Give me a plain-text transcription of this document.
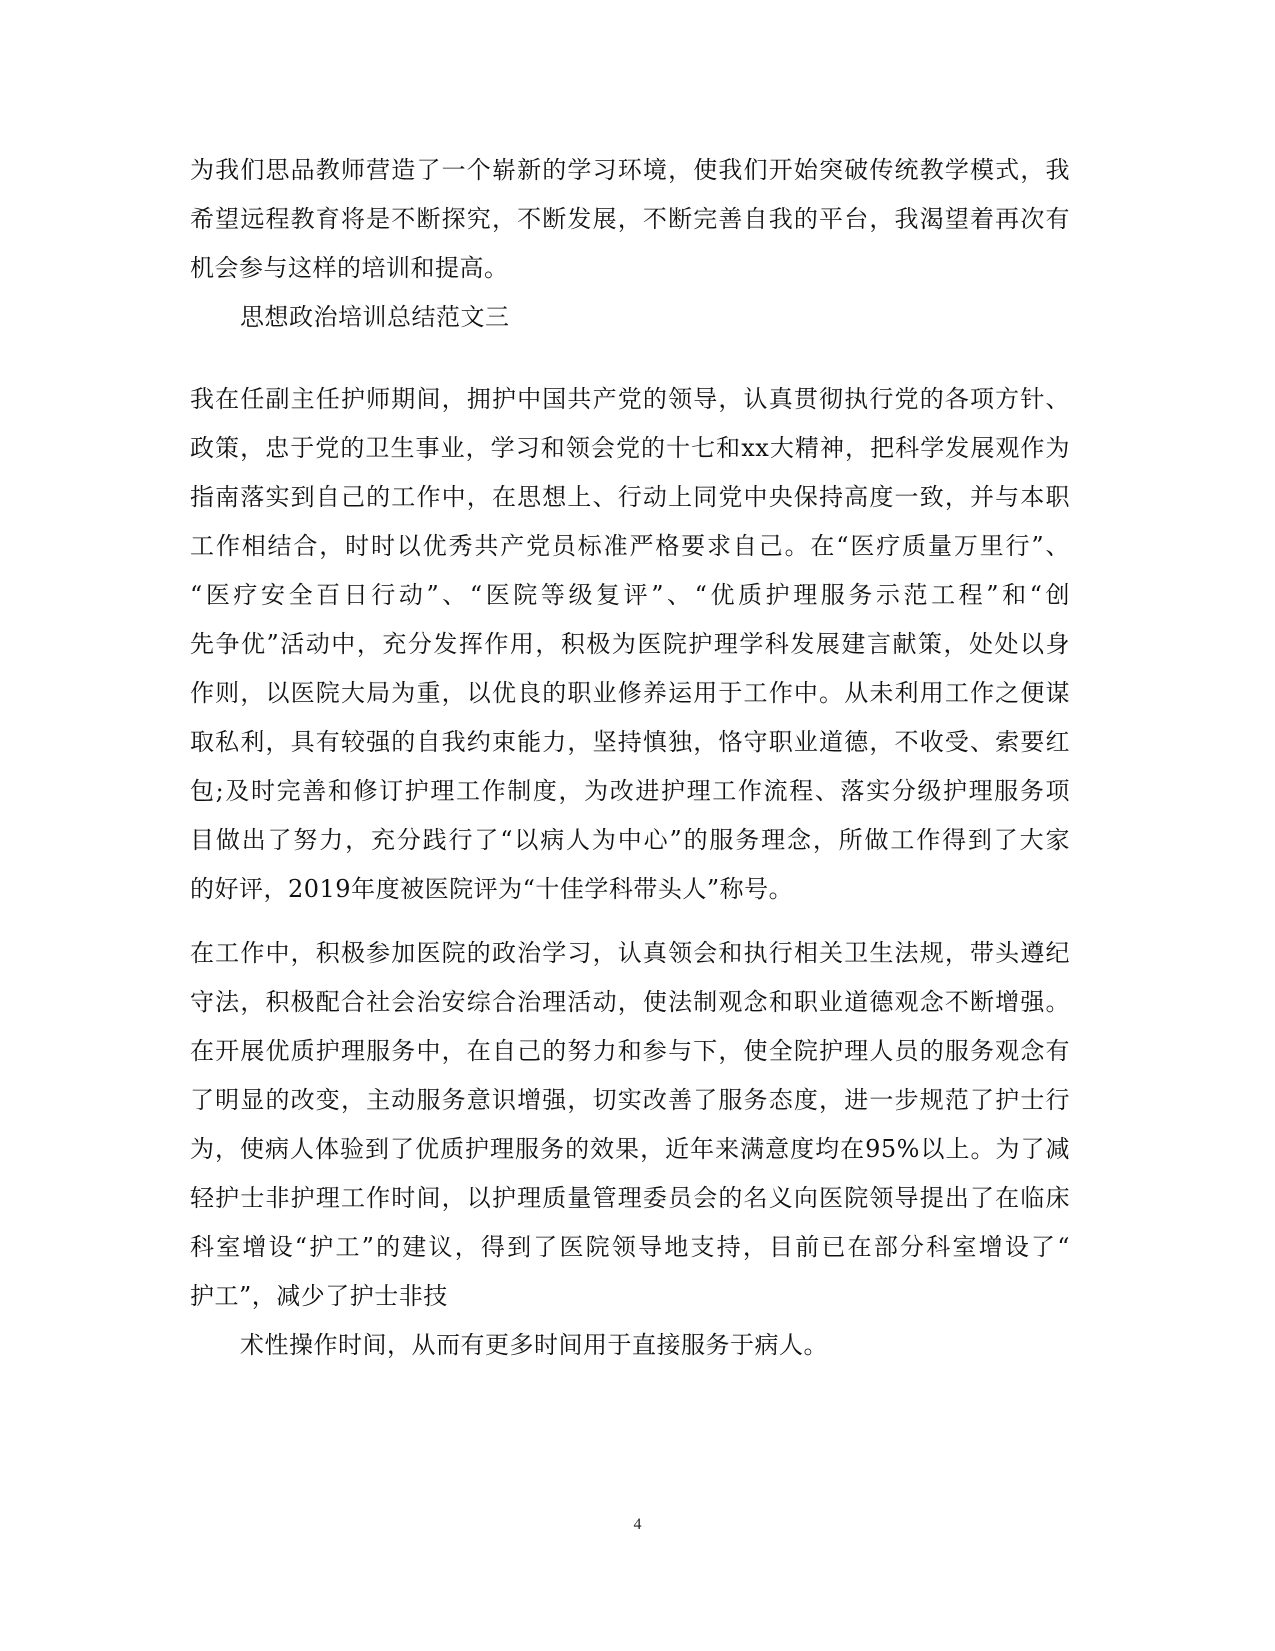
为我们思品教师营造了一个崭新的学习环境，使我们开始突破传统教学模式，我
希望远程教育将是不断探究，不断发展，不断完善自我的平台，我渴望着再次有
机会参与这样的培训和提高。
思想政治培训总结范文三
我在任副主任护师期间，拥护中国共产党的领导，认真贯彻执行党的各项方针、
政策，忠于党的卫生事业，学习和领会党的十七和xx大精神，把科学发展观作为
指南落实到自己的工作中，在思想上、行动上同党中央保持高度一致，并与本职
工作相结合，时时以优秀共产党员标准严格要求自己。在“医疗质量万里行”、
“医疗安全百日行动”、“医院等级复评”、“优质护理服务示范工程”和“创
先争优”活动中，充分发挥作用，积极为医院护理学科发展建言献策，处处以身
作则，以医院大局为重，以优良的职业修养运用于工作中。从未利用工作之便谋
取私利，具有较强的自我约束能力，坚持慎独，恪守职业道德，不收受、索要红
包;及时完善和修订护理工作制度，为改进护理工作流程、落实分级护理服务项
目做出了努力，充分践行了“以病人为中心”的服务理念，所做工作得到了大家
的好评，2019年度被医院评为“十佳学科带头人”称号。
在工作中，积极参加医院的政治学习，认真领会和执行相关卫生法规，带头遵纪
守法，积极配合社会治安综合治理活动，使法制观念和职业道德观念不断增强。
在开展优质护理服务中，在自己的努力和参与下，使全院护理人员的服务观念有
了明显的改变，主动服务意识增强，切实改善了服务态度，进一步规范了护士行
为，使病人体验到了优质护理服务的效果，近年来满意度均在95%以上。为了减
轻护士非护理工作时间，以护理质量管理委员会的名义向医院领导提出了在临床
科室增设“护工”的建议，得到了医院领导地支持，目前已在部分科室增设了“
护工”，减少了护士非技
术性操作时间，从而有更多时间用于直接服务于病人。
4
